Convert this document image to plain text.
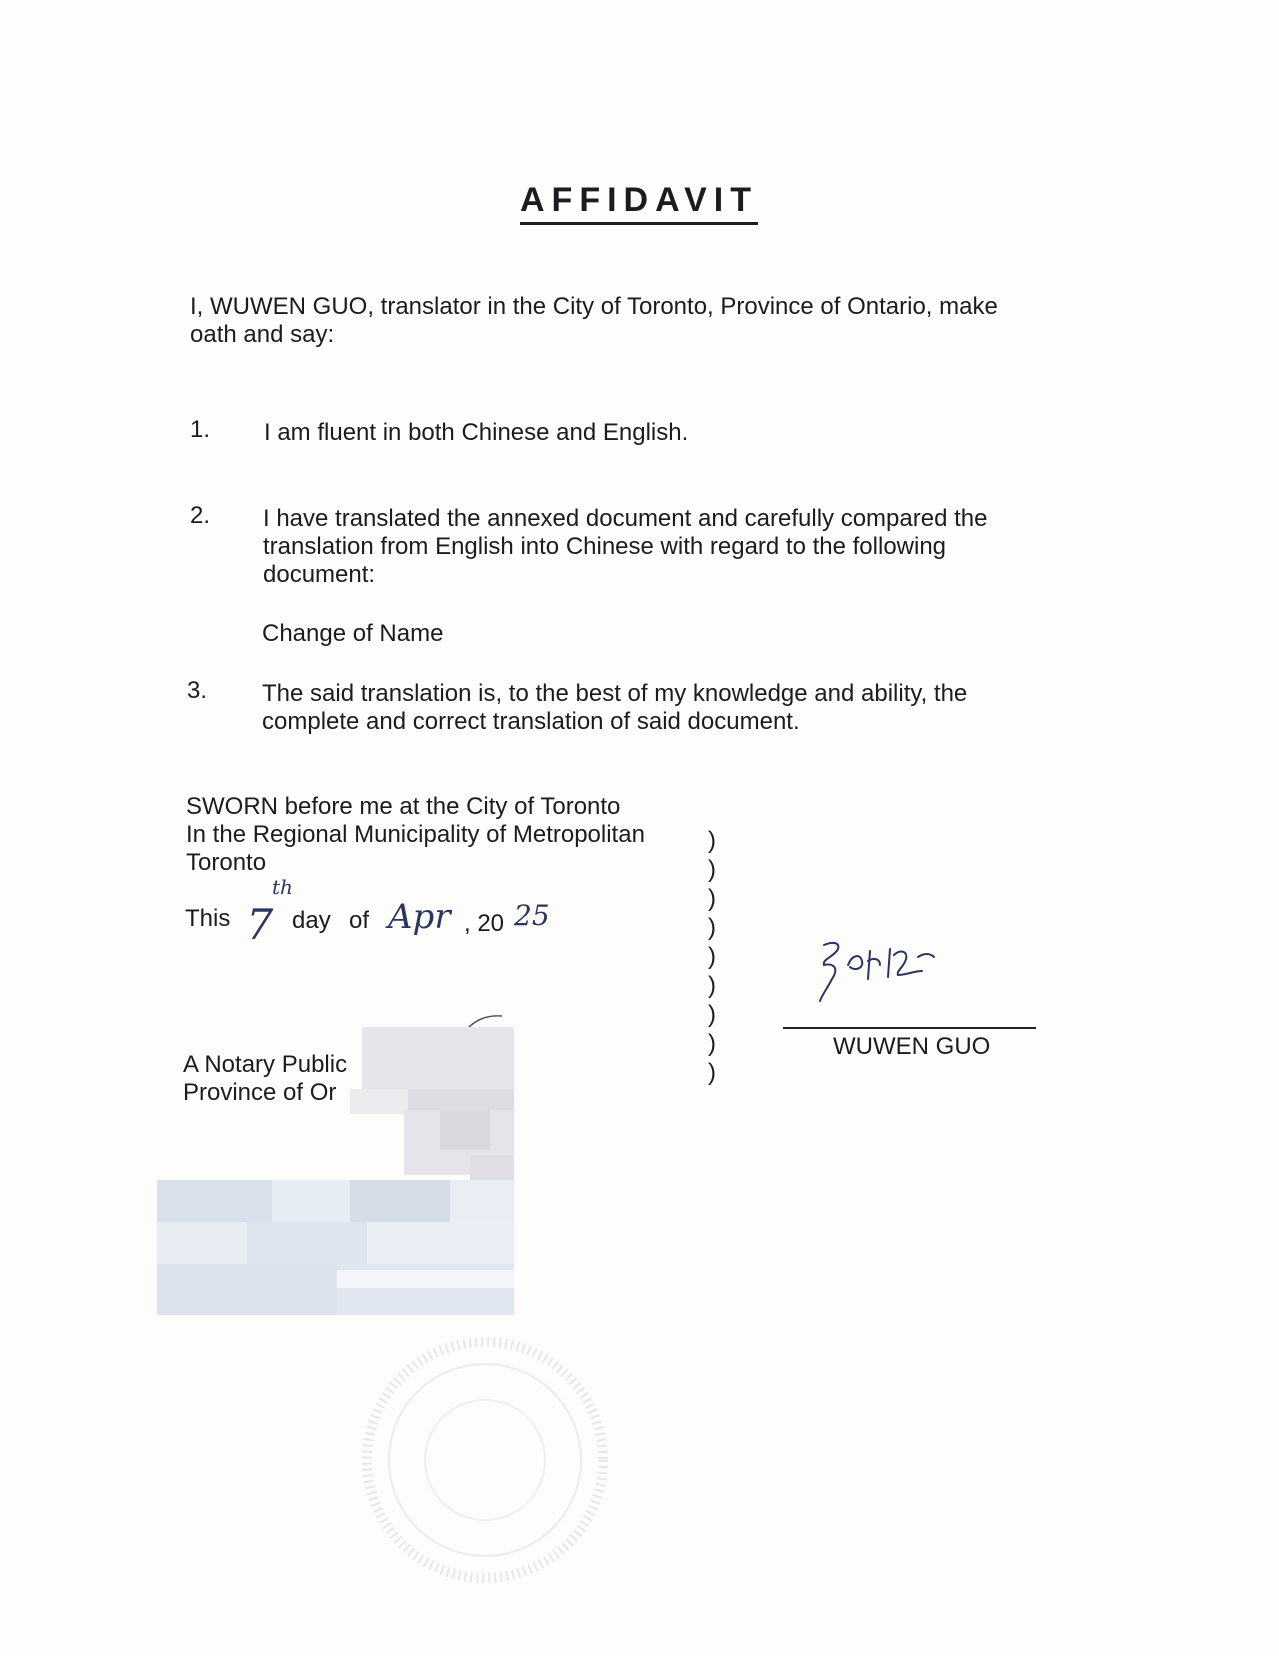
AFFIDAVIT
I, WUWEN GUO, translator in the City of Toronto, Province of Ontario, make
oath and say:
1. I am fluent in both Chinese and English.
2. I have translated the annexed document and carefully compared the
translation from English into Chinese with regard to the following
document:
Change of Name
3. The said translation is, to the best of my knowledge and ability, the
complete and correct translation of said document.
SWORN before me at the City of Toronto
In the Regional Municipality of Metropolitan
Toronto
This 7
th
day of Apr , 20 25
)
)
)
)
)
)
)
)
)
A Notary Public
Province of Or
WUWEN GUO
